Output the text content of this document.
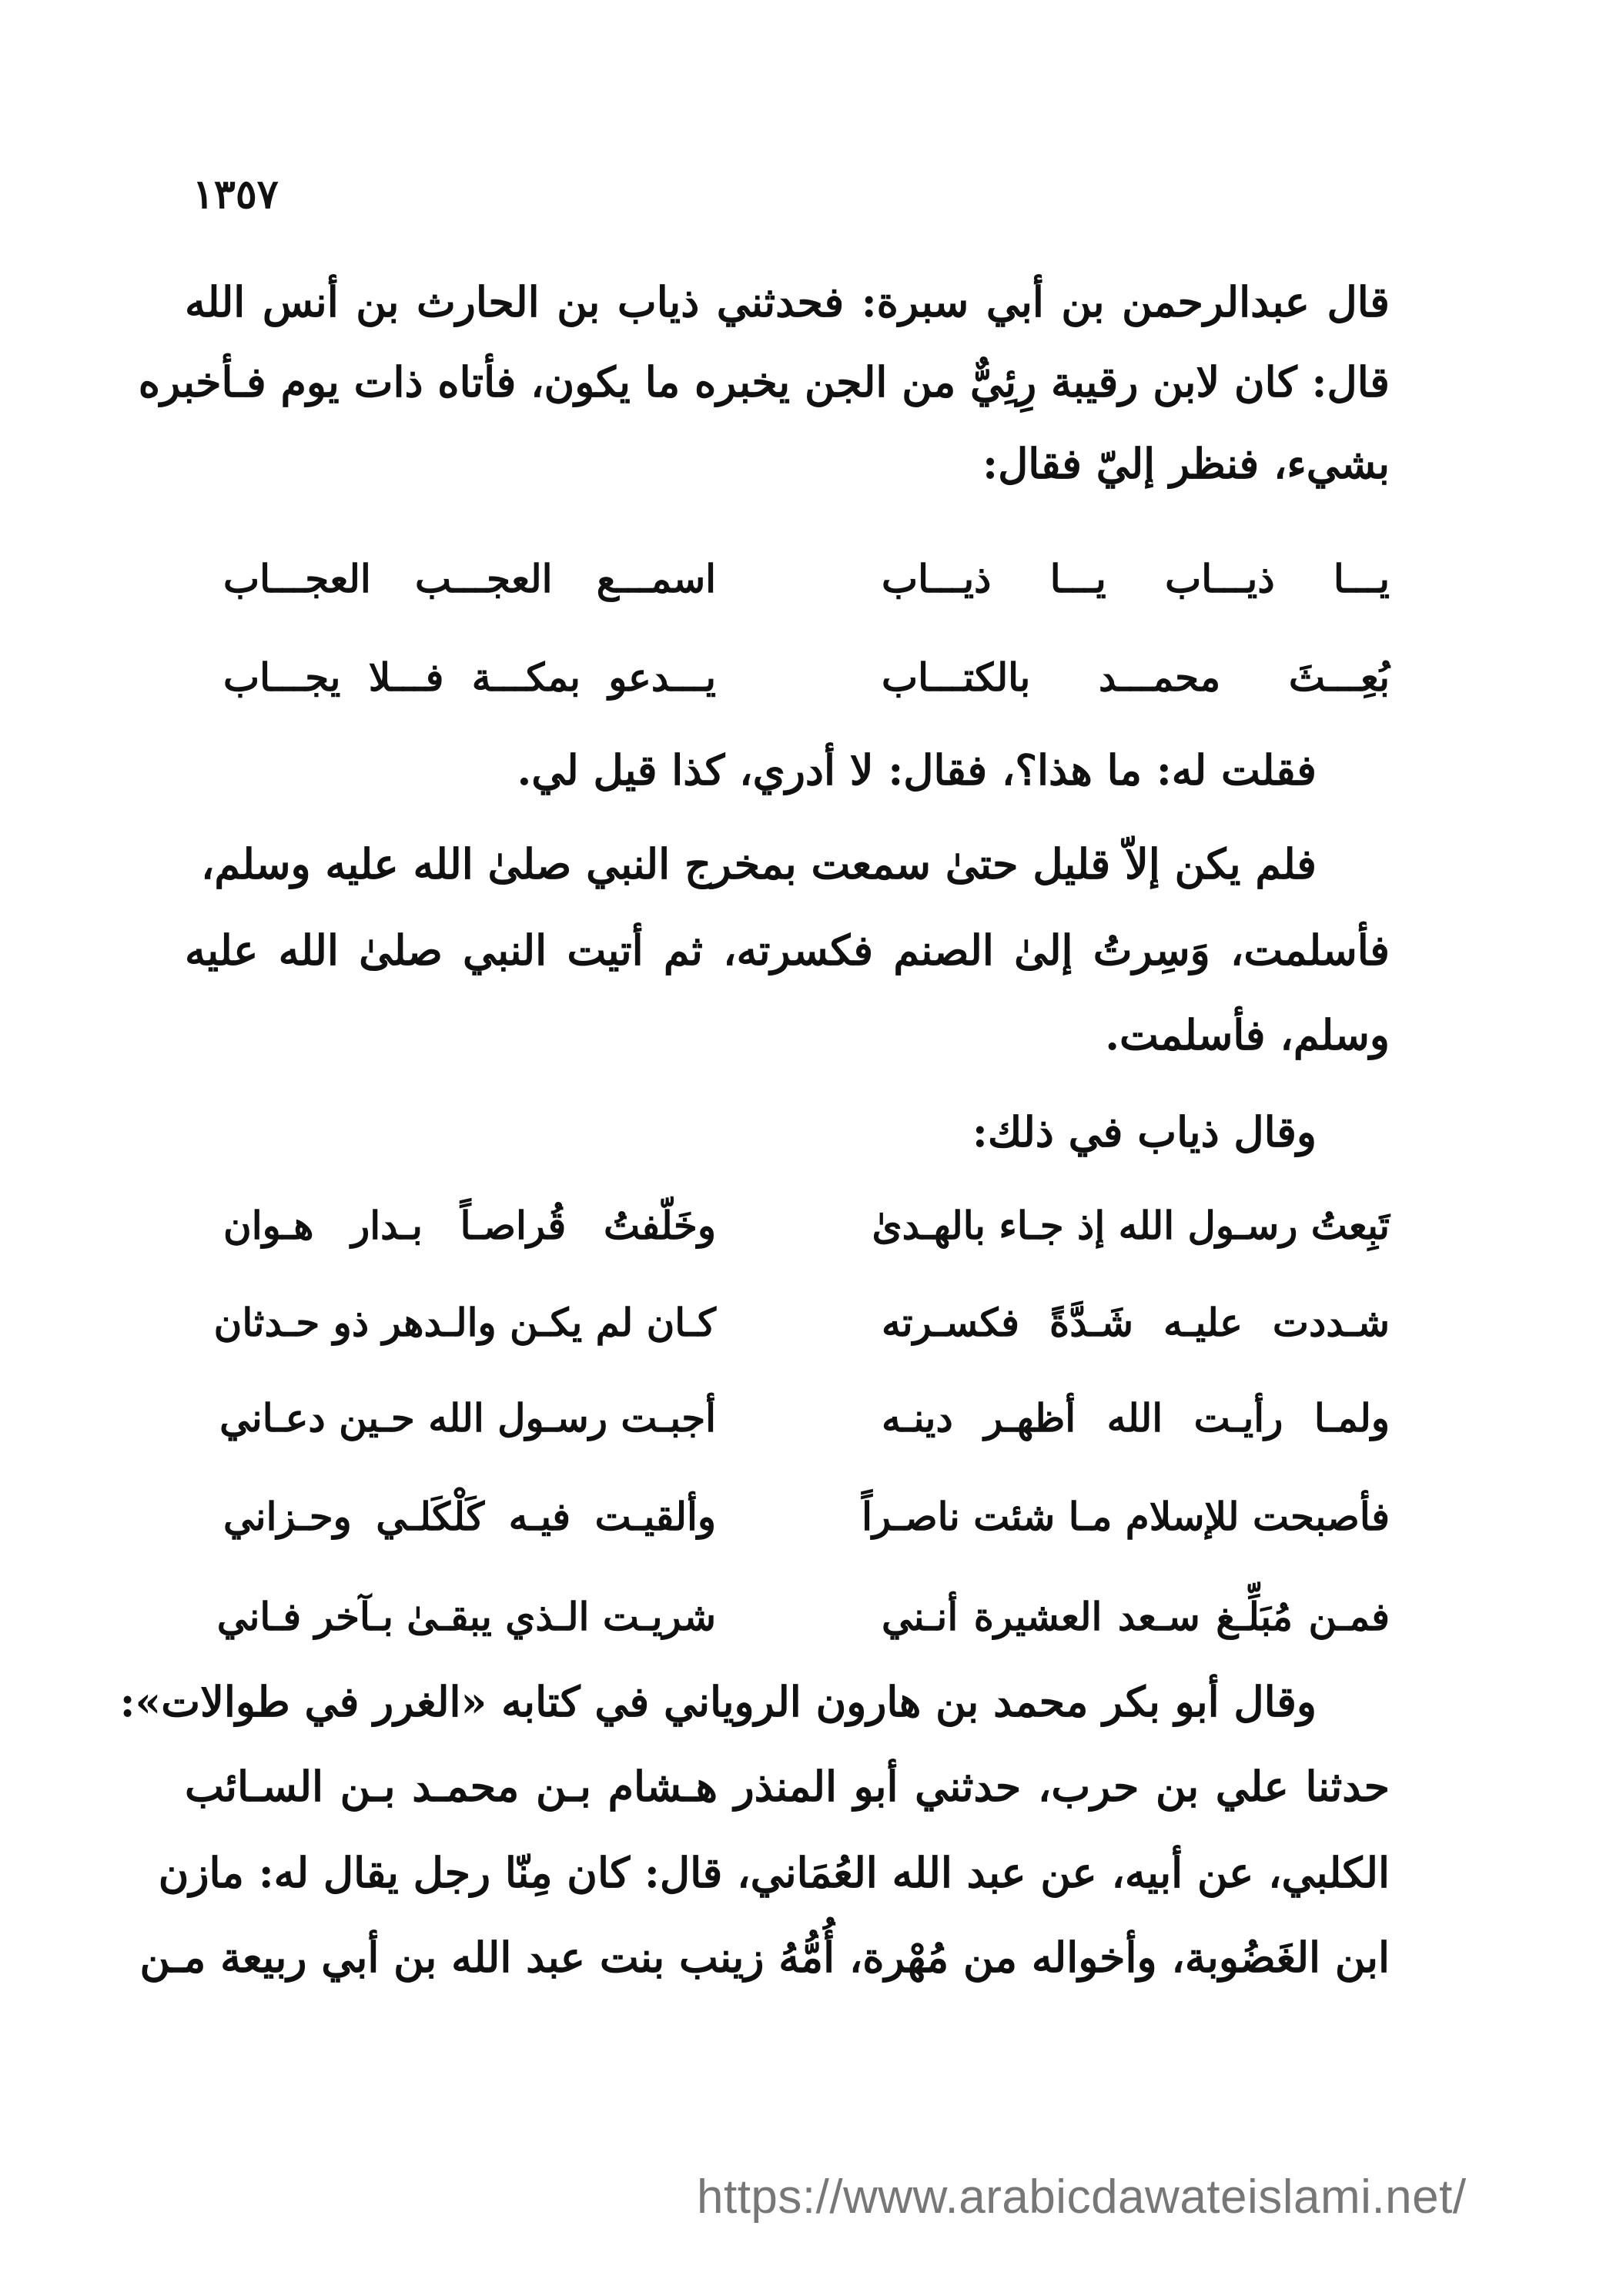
١٣٥٧
قال عبدالرحمن بن أبي سبرة: فحدثني ذياب بن الحارث بن أنس الله
قال: كان لابن رقيبة رِئِيٌّ من الجن يخبره ما يكون، فأتاه ذات يوم فـأخبره
بشيء، فنظر إليّ فقال:
يـــا ذيـــاب يـــا ذيـــاب
اسمـــع العجـــب العجـــاب
بُعِـــثَ محمـــد بالكتـــاب
يـــدعو بمكـــة فـــلا يجـــاب
فقلت له: ما هذا؟، فقال: لا أدري، كذا قيل لي.
فلم يكن إلاّ قليل حتىٰ سمعت بمخرج النبي صلىٰ الله عليه وسلم،
فأسلمت، وَسِرتُ إلىٰ الصنم فكسرته، ثم أتيت النبي صلىٰ الله عليه
وسلم، فأسلمت.
وقال ذياب في ذلك:
تَبِعتُ رسـول الله إذ جـاء بالهـدىٰ
وخَلّفتُ قُراصـاً بـدار هـوان
شـددت عليـه شَـدَّةً فكسـرته
كـان لم يكـن والـدهر ذو حـدثان
ولمـا رأيـت الله أظهـر دينـه
أجبـت رسـول الله حـين دعـاني
فأصبحت للإسلام مـا شئت ناصـراً
وألقيـت فيـه كَلْكَلـي وحـزاني
فمـن مُبَلِّـغ سـعد العشيرة أنـني
شريـت الـذي يبقـىٰ بـآخر فـاني
وقال أبو بكر محمد بن هارون الروياني في كتابه «الغرر في طوالات»:
حدثنا علي بن حرب، حدثني أبو المنذر هـشام بـن محمـد بـن السـائب
الكلبي، عن أبيه، عن عبد الله العُمَاني، قال: كان مِنّا رجل يقال له: مازن
ابن الغَضُوبة، وأخواله من مُهْرة، أُمُّهُ زينب بنت عبد الله بن أبي ربيعة مـن
https://www.arabicdawateislami.net/
